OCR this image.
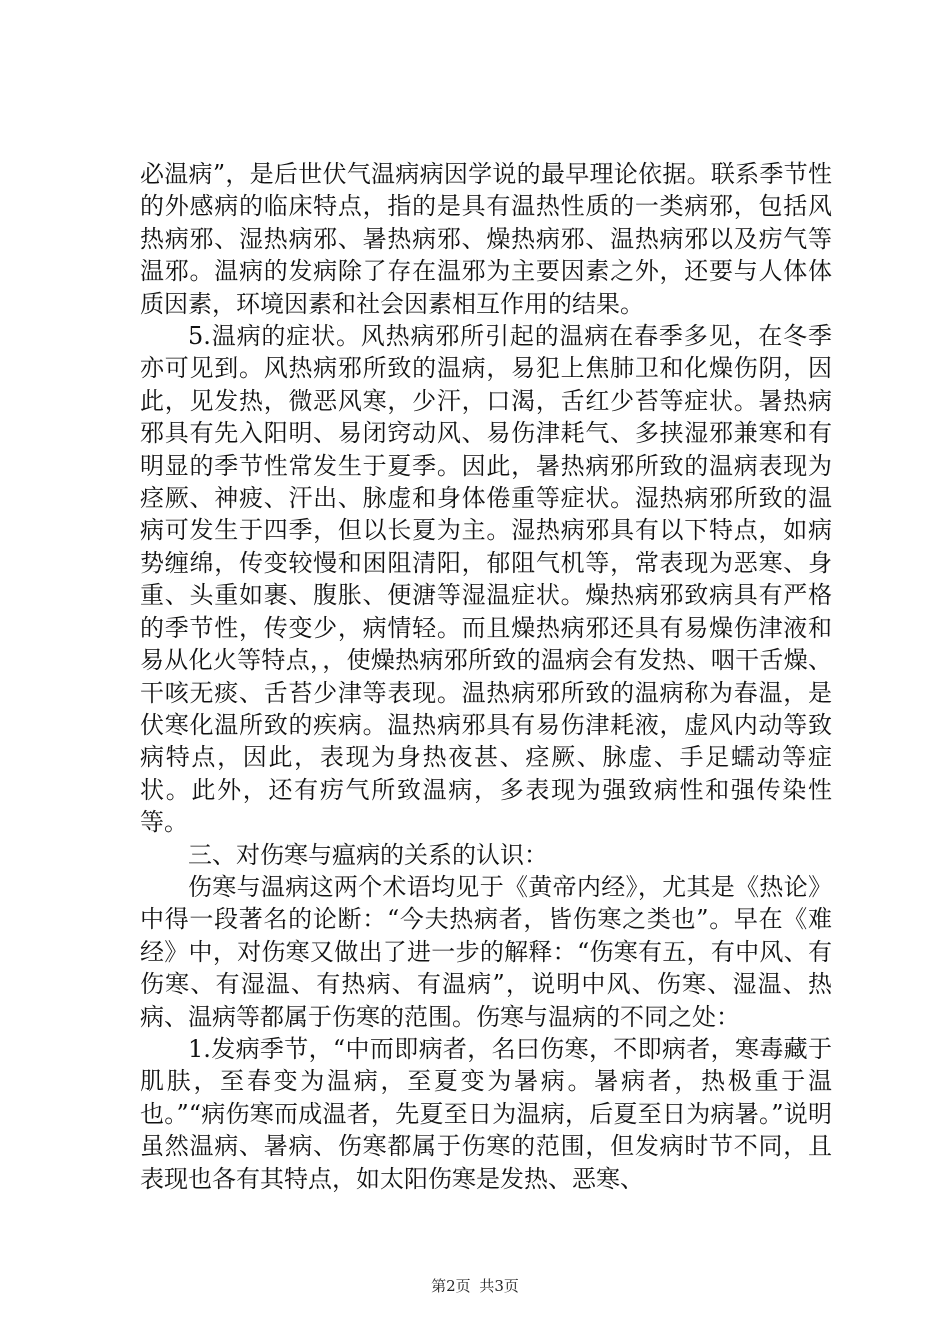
必温病”，是后世伏气温病病因学说的最早理论依据。联系季节性的外感病的临床特点，指的是具有温热性质的一类病邪，包括风热病邪、湿热病邪、暑热病邪、燥热病邪、温热病邪以及疠气等温邪。温病的发病除了存在温邪为主要因素之外，还要与人体体质因素，环境因素和社会因素相互作用的结果。

5.温病的症状。风热病邪所引起的温病在春季多见，在冬季亦可见到。风热病邪所致的温病，易犯上焦肺卫和化燥伤阴，因此，见发热，微恶风寒，少汗，口渴，舌红少苔等症状。暑热病邪具有先入阳明、易闭窍动风、易伤津耗气、多挟湿邪兼寒和有明显的季节性常发生于夏季。因此，暑热病邪所致的温病表现为痉厥、神疲、汗出、脉虚和身体倦重等症状。湿热病邪所致的温病可发生于四季，但以长夏为主。湿热病邪具有以下特点，如病势缠绵，传变较慢和困阻清阳，郁阻气机等，常表现为恶寒、身重、头重如裹、腹胀、便溏等湿温症状。燥热病邪致病具有严格的季节性，传变少，病情轻。而且燥热病邪还具有易燥伤津液和易从化火等特点，，使燥热病邪所致的温病会有发热、咽干舌燥、干咳无痰、舌苔少津等表现。温热病邪所致的温病称为春温，是伏寒化温所致的疾病。温热病邪具有易伤津耗液，虚风内动等致病特点，因此，表现为身热夜甚、痉厥、脉虚、手足蠕动等症状。此外，还有疠气所致温病，多表现为强致病性和强传染性等。

三、对伤寒与瘟病的关系的认识：

伤寒与温病这两个术语均见于《黄帝内经》，尤其是《热论》中得一段著名的论断：“今夫热病者，皆伤寒之类也”。早在《难经》中，对伤寒又做出了进一步的解释：“伤寒有五，有中风、有伤寒、有湿温、有热病、有温病”，说明中风、伤寒、湿温、热病、温病等都属于伤寒的范围。伤寒与温病的不同之处：

1.发病季节，“中而即病者，名曰伤寒，不即病者，寒毒藏于肌肤，至春变为温病，至夏变为暑病。暑病者，热极重于温也。”“病伤寒而成温者，先夏至日为温病，后夏至日为病暑。”说明虽然温病、暑病、伤寒都属于伤寒的范围，但发病时节不同，且表现也各有其特点，如太阳伤寒是发热、恶寒、

第2页 共3页
